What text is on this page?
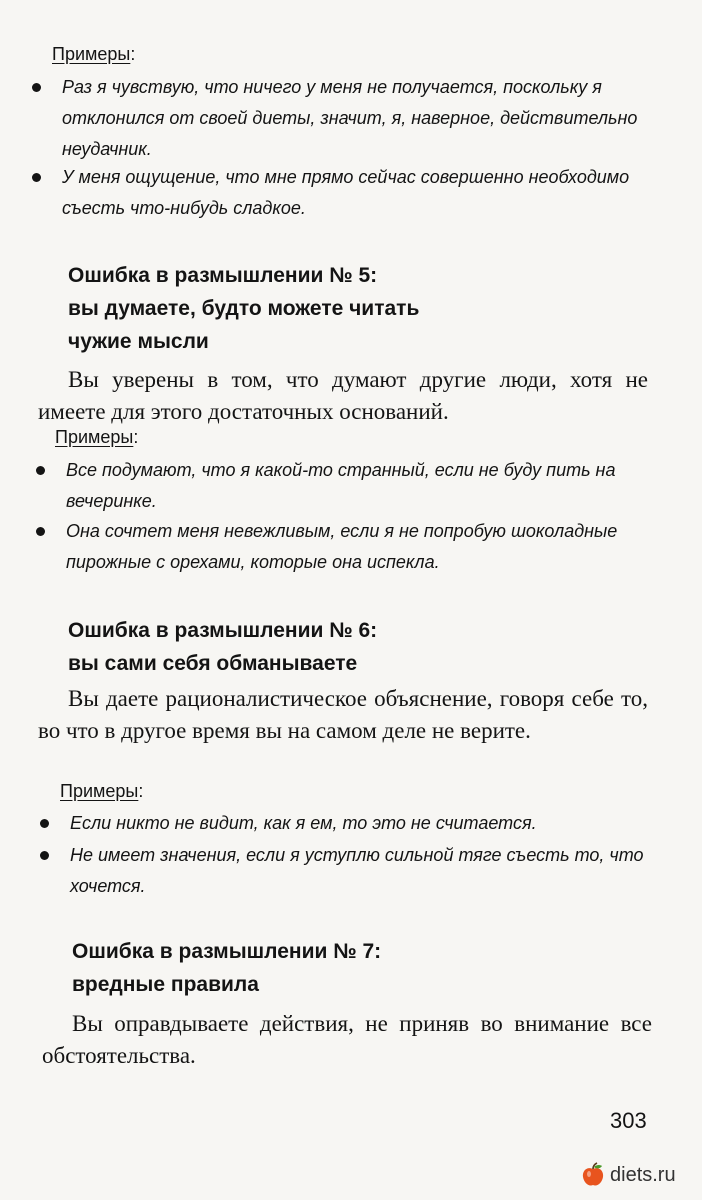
Примеры:
Раз я чувствую, что ничего у меня не получается, поскольку я отклонился от своей диеты, значит, я, наверное, действительно неудачник.
У меня ощущение, что мне прямо сейчас совершенно необходимо съесть что-нибудь сладкое.
Ошибка в размышлении № 5:
вы думаете, будто можете читать
чужие мысли
Вы уверены в том, что думают другие люди, хотя не имеете для этого достаточных оснований.
Примеры:
Все подумают, что я какой-то странный, если не буду пить на вечеринке.
Она сочтет меня невежливым, если я не попробую шоколадные пирожные с орехами, которые она испекла.
Ошибка в размышлении № 6:
вы сами себя обманываете
Вы даете рационалистическое объяснение, говоря себе то, во что в другое время вы на самом деле не верите.
Примеры:
Если никто не видит, как я ем, то это не считается.
Не имеет значения, если я уступлю сильной тяге съесть то, что хочется.
Ошибка в размышлении № 7:
вредные правила
Вы оправдываете действия, не приняв во внимание все обстоятельства.
303
diets.ru
